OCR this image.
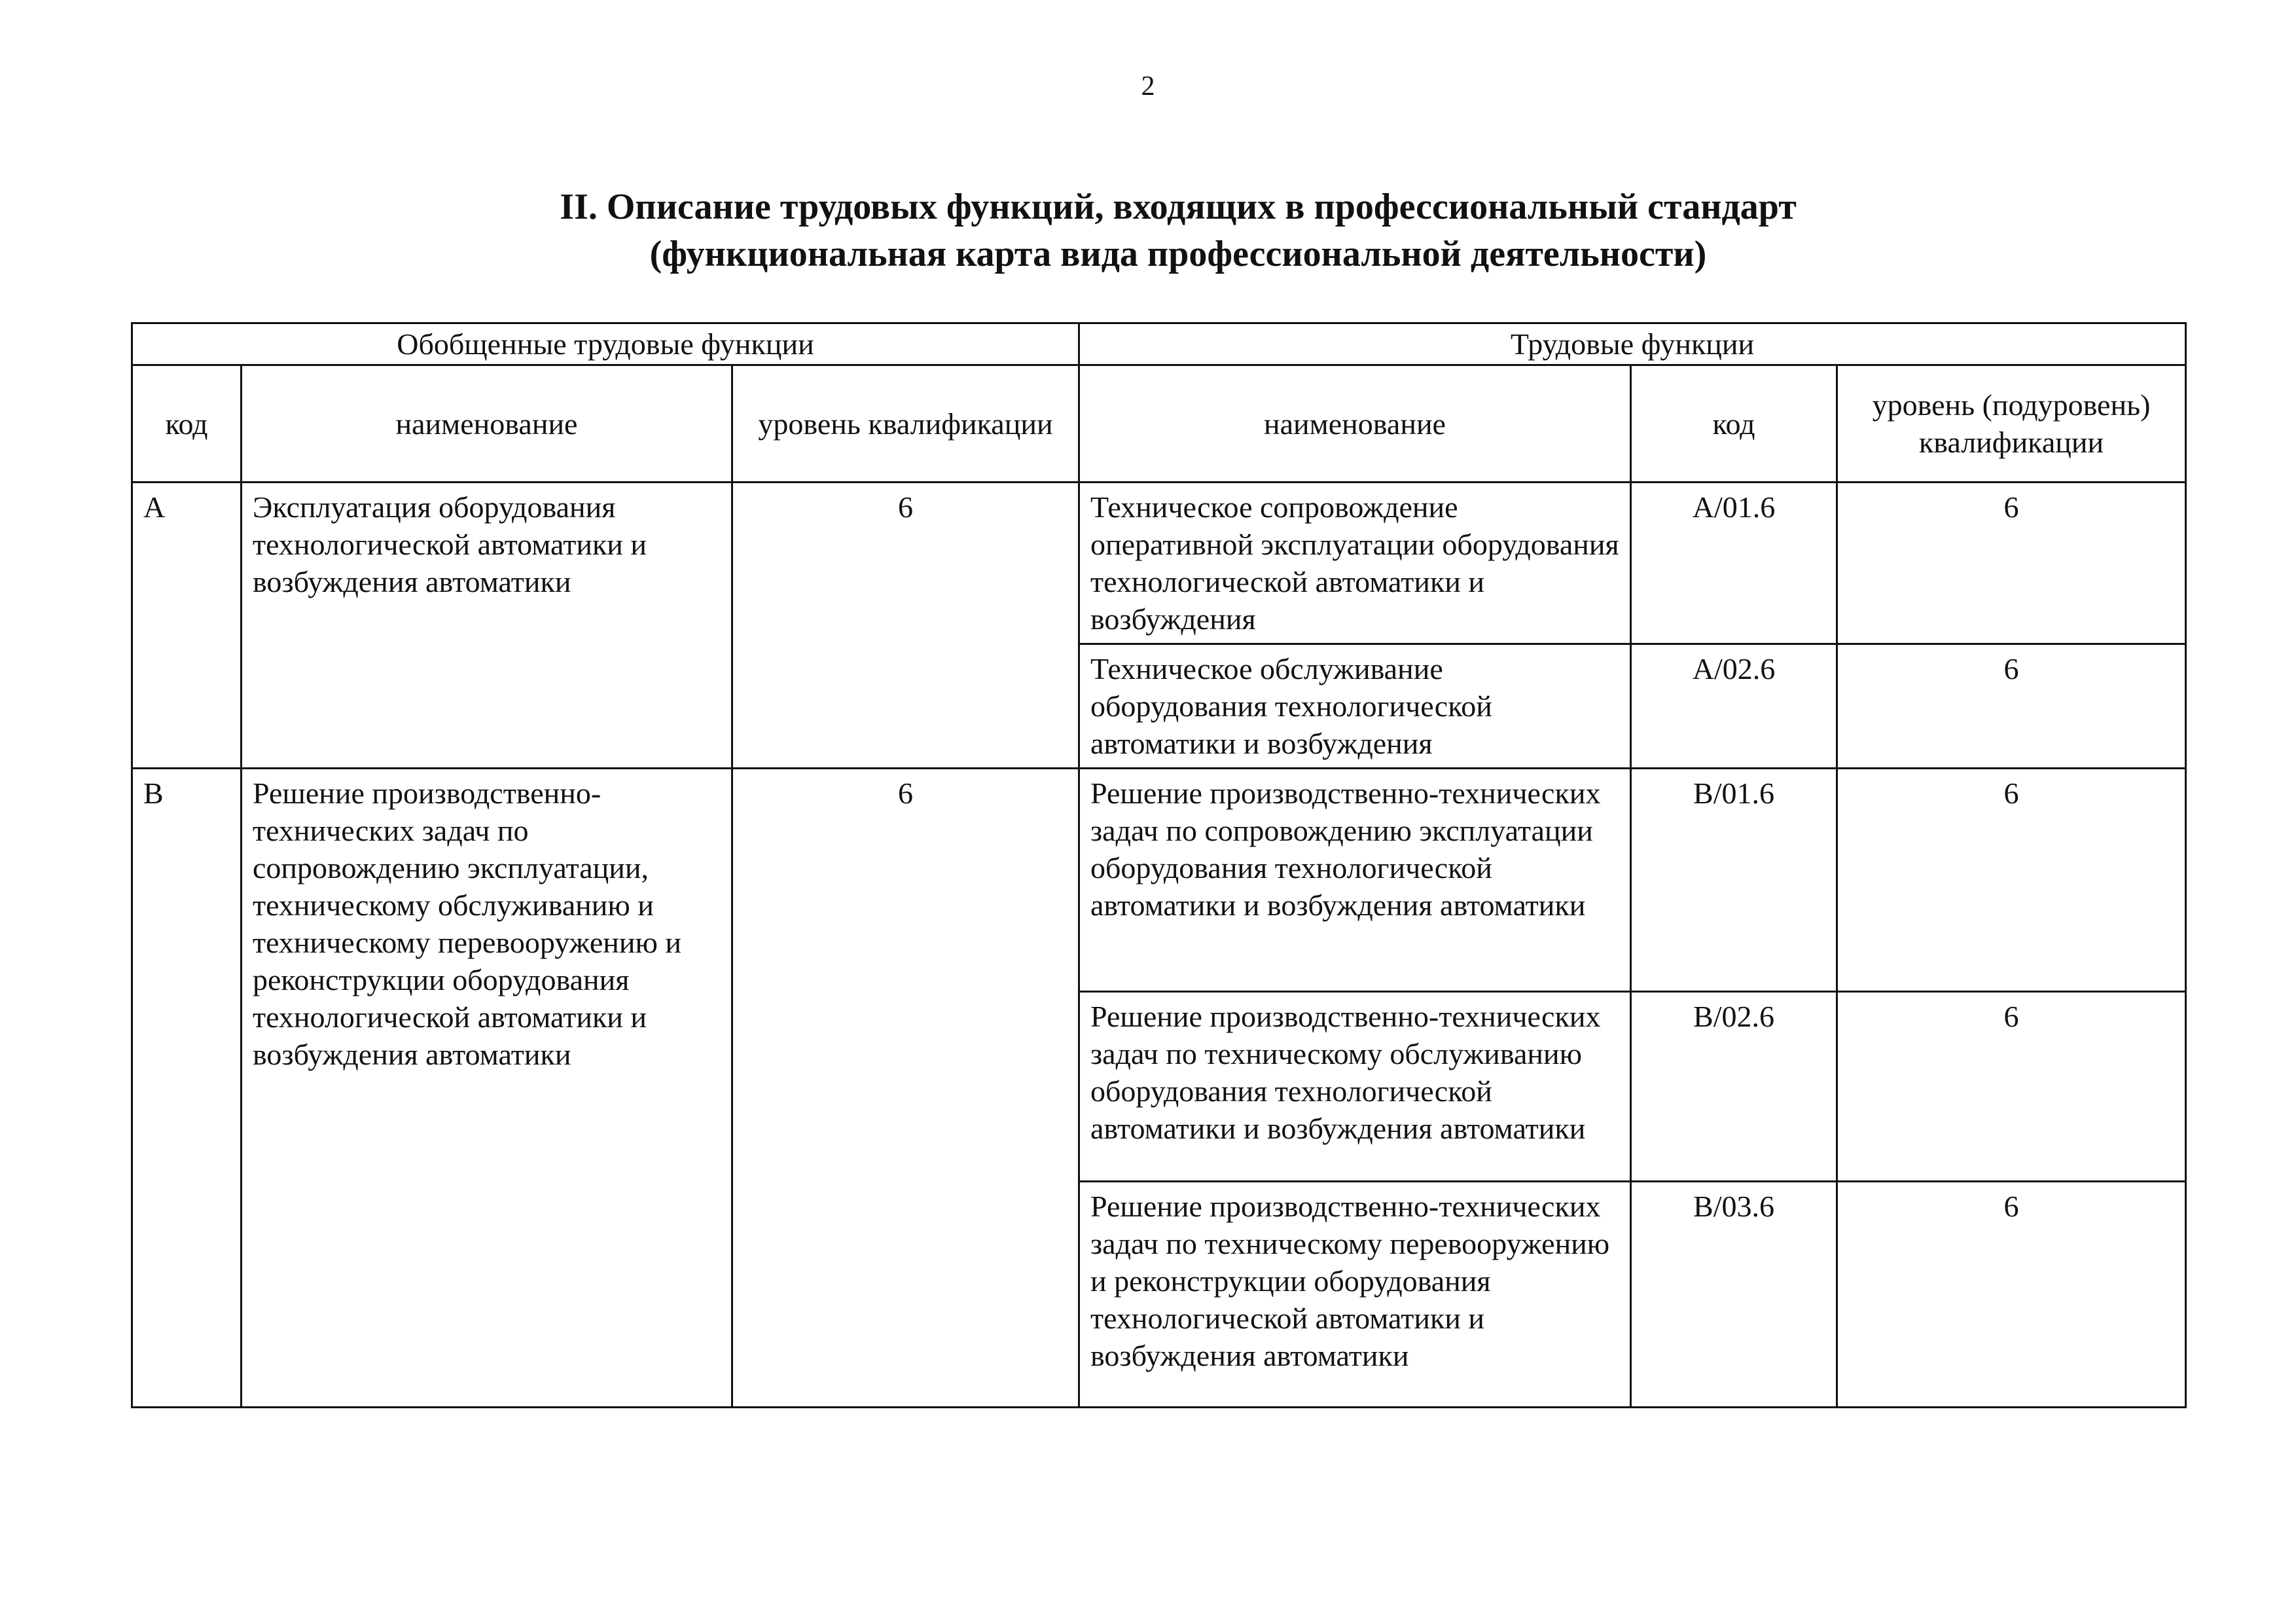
2
II. Описание трудовых функций, входящих в профессиональный стандарт
(функциональная карта вида профессиональной деятельности)
Обобщенные трудовые функции			Трудовые функции		
код	наименование	уровень квалификации	наименование	код	уровень (подуровень) квалификации
A	Эксплуатация оборудования технологической автоматики и возбуждения автоматики	6	Техническое сопровождение оперативной эксплуатации оборудования технологической автоматики и возбуждения	A/01.6	6
			Техническое обслуживание оборудования технологической автоматики и возбуждения	A/02.6	6
B	Решение производственно-технических задач по сопровождению эксплуатации, техническому обслуживанию и техническому перевооружению и реконструкции оборудования технологической автоматики и возбуждения автоматики	6	Решение производственно-технических задач по сопровождению эксплуатации оборудования технологической автоматики и возбуждения автоматики	B/01.6	6
			Решение производственно-технических задач по техническому обслуживанию оборудования технологической автоматики и возбуждения автоматики	B/02.6	6
			Решение производственно-технических задач по техническому перевооружению и реконструкции оборудования технологической автоматики и возбуждения автоматики	B/03.6	6
